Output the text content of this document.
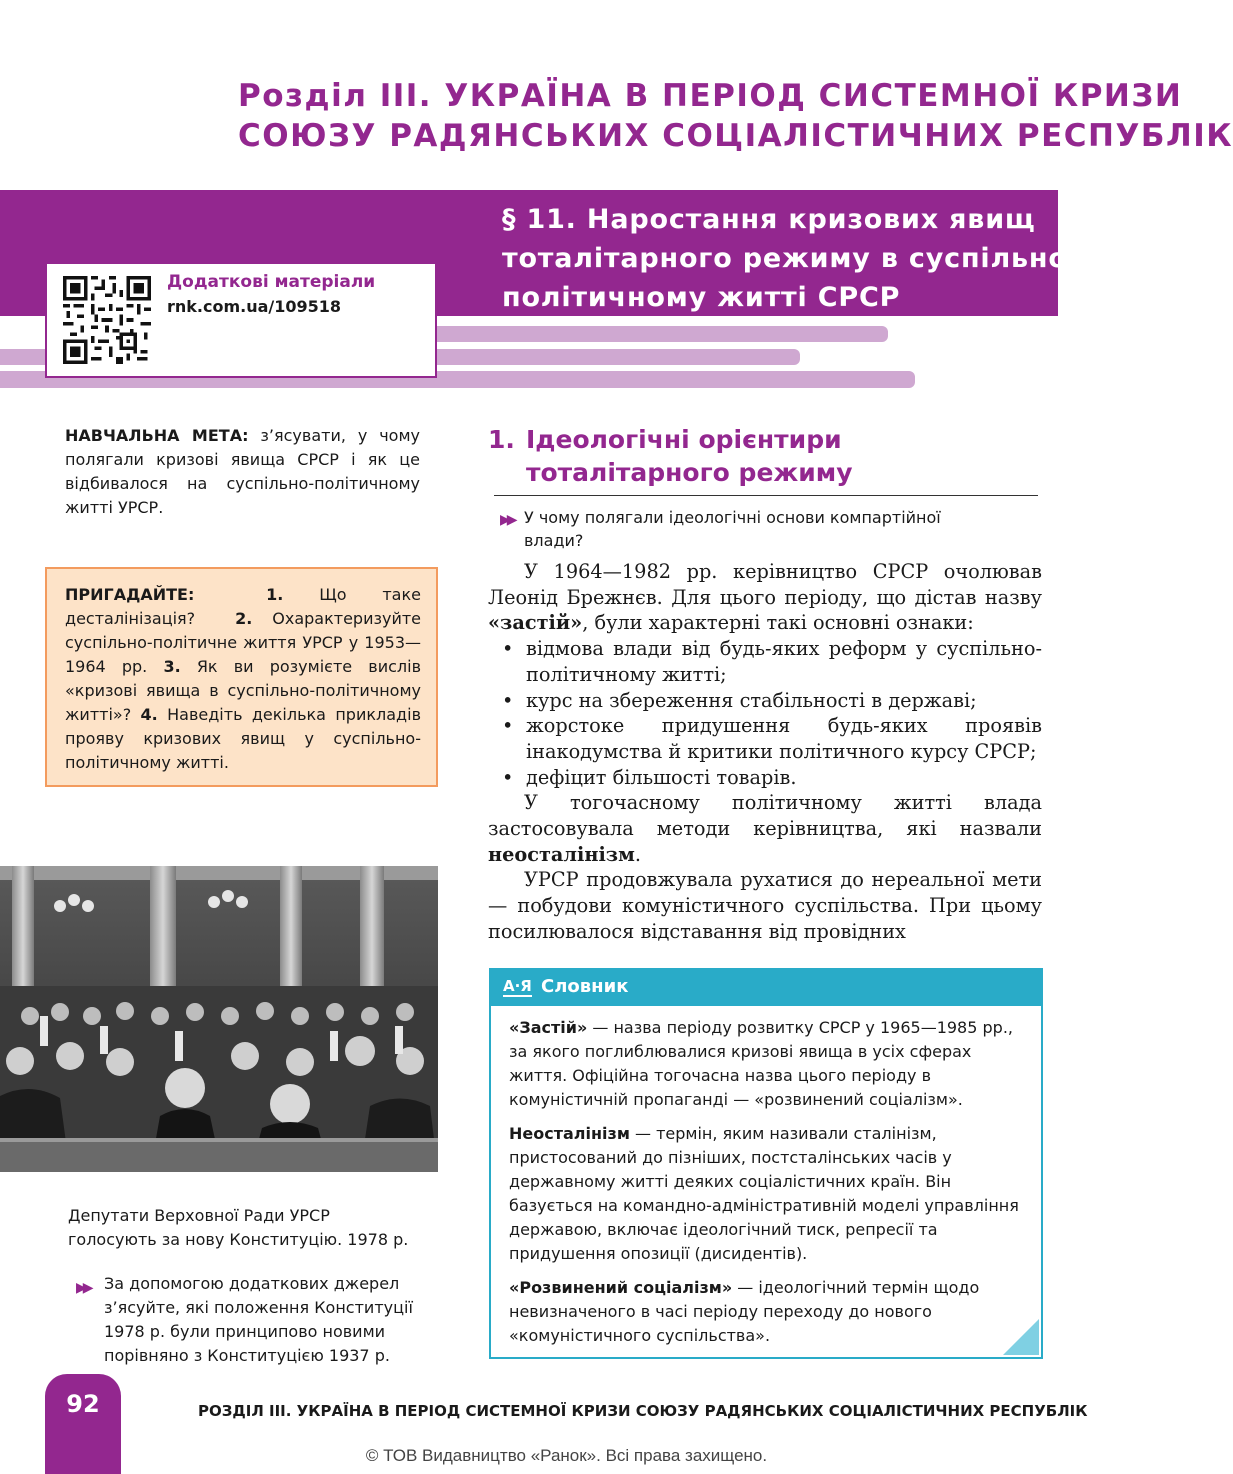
Розділ ІІІ. УКРАЇНА В ПЕРІОД СИСТЕМНОЇ КРИЗИ
СОЮЗУ РАДЯНСЬКИХ СОЦІАЛІСТИЧНИХ РЕСПУБЛІК
§ 11. Наростання кризових явищ
тоталітарного режиму в суспільно-
політичному житті СРСР
Додаткові матеріали
rnk.com.ua/109518
НАВЧАЛЬНА МЕТА: з’ясувати, у чому полягали кризові явища СРСР і як це відбивалося на суспільно-політичному житті УРСР.
ПРИГАДАЙТЕ:	1. Що таке десталінізація? 2. Охарактеризуйте суспільно-політичне життя УРСР у 1953—1964 рр. 3. Як ви розумієте вислів «кризові явища в суспільно-політичному житті»? 4. Наведіть декілька прикладів прояву кризових явищ у суспільно-політичному житті.
Депутати Верховної Ради УРСР
голосують за нову Конституцію. 1978 р.
▶▶ За допомогою додаткових джерел з’ясуйте, які положення Конституції 1978 р. були принципово новими порівняно з Конституцією 1937 р.
1. Ідеологічні орієнтири тоталітарного режиму
▶▶ У чому полягали ідеологічні основи компартійної влади?

У 1964—1982 рр. керівництво СРСР очолював Леонід Брежнєв. Для цього періоду, що дістав назву «застій», були характерні такі основні ознаки:

• відмова влади від будь-яких реформ у суспільно-політичному житті;
• курс на збереження стабільності в державі;
• жорстоке придушення будь-яких проявів інакодумства й критики політичного курсу СРСР;
• дефіцит більшості товарів.

У тогочасному політичному житті влада застосовувала методи керівництва, які назвали неосталінізм.

УРСР продовжувала рухатися до нереальної мети — побудови комуністичного суспільства. При цьому посилювалося відставання від провідних

А·Я Словник

«Застій» — назва періоду розвитку СРСР у 1965—1985 рр., за якого поглиблювалися кризові явища в усіх сферах життя. Офіційна тогочасна назва цього періоду в комуністичній пропаганді — «розвинений соціалізм».

Неосталінізм — термін, яким називали сталінізм, пристосований до пізніших, постсталінських часів у державному житті деяких соціалістичних країн. Він базується на командно-адміністративній моделі управління державою, включає ідеологічний тиск, репресії та придушення опозиції (дисидентів).

«Розвинений соціалізм» — ідеологічний термін щодо невизначеного в часі періоду переходу до нового «комуністичного суспільства».

92	РОЗДІЛ ІІІ. УКРАЇНА В ПЕРІОД СИСТЕМНОЇ КРИЗИ СОЮЗУ РАДЯНСЬКИХ СОЦІАЛІСТИЧНИХ РЕСПУБЛІК
© ТОВ Видавництво «Ранок». Всі права захищено.
